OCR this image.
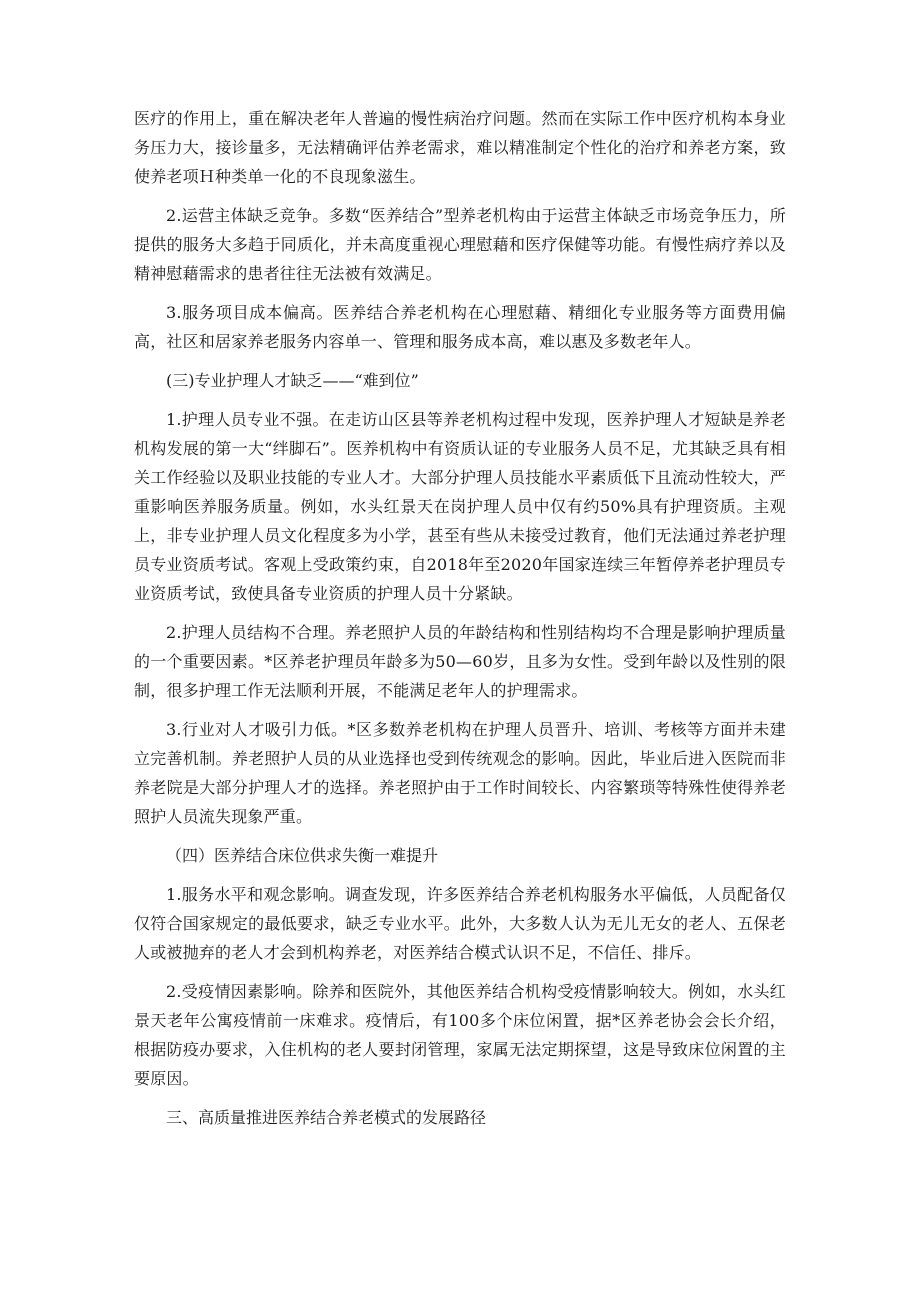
医疗的作用上，重在解决老年人普遍的慢性病治疗问题。然而在实际工作中医疗机构本身业务压力大，接诊量多，无法精确评估养老需求，难以精准制定个性化的治疗和养老方案，致使养老项Ｈ种类单一化的不良现象滋生。

2.运营主体缺乏竞争。多数“医养结合”型养老机构由于运营主体缺乏市场竞争压力，所提供的服务大多趋于同质化，并未高度重视心理慰藉和医疗保健等功能。有慢性病疗养以及精神慰藉需求的患者往往无法被有效满足。

3.服务项目成本偏高。医养结合养老机构在心理慰藉、精细化专业服务等方面费用偏高，社区和居家养老服务内容单一、管理和服务成本高，难以惠及多数老年人。

(三)专业护理人才缺乏——“难到位”

1.护理人员专业不强。在走访山区县等养老机构过程中发现，医养护理人才短缺是养老机构发展的第一大“绊脚石”。医养机构中有资质认证的专业服务人员不足，尤其缺乏具有相关工作经验以及职业技能的专业人才。大部分护理人员技能水平素质低下且流动性较大，严重影响医养服务质量。例如，水头红景天在岗护理人员中仅有约50%具有护理资质。主观上，非专业护理人员文化程度多为小学，甚至有些从未接受过教育，他们无法通过养老护理员专业资质考试。客观上受政策约束，自2018年至2020年国家连续三年暂停养老护理员专业资质考试，致使具备专业资质的护理人员十分紧缺。

2.护理人员结构不合理。养老照护人员的年龄结构和性别结构均不合理是影响护理质量的一个重要因素。*区养老护理员年龄多为50—60岁，且多为女性。受到年龄以及性别的限制，很多护理工作无法顺利开展，不能满足老年人的护理需求。

3.行业对人才吸引力低。*区多数养老机构在护理人员晋升、培训、考核等方面并未建立完善机制。养老照护人员的从业选择也受到传统观念的影响。因此，毕业后进入医院而非养老院是大部分护理人才的选择。养老照护由于工作时间较长、内容繁琐等特殊性使得养老照护人员流失现象严重。

（四）医养结合床位供求失衡一难提升

1.服务水平和观念影响。调查发现，许多医养结合养老机构服务水平偏低，人员配备仅仅符合国家规定的最低要求，缺乏专业水平。此外，大多数人认为无儿无女的老人、五保老人或被抛弃的老人才会到机构养老，对医养结合模式认识不足，不信任、排斥。

2.受疫情因素影响。除养和医院外，其他医养结合机构受疫情影响较大。例如，水头红景天老年公寓疫情前一床难求。疫情后，有100多个床位闲置，据*区养老协会会长介绍，根据防疫办要求，入住机构的老人要封闭管理，家属无法定期探望，这是导致床位闲置的主要原因。

三、高质量推进医养结合养老模式的发展路径
